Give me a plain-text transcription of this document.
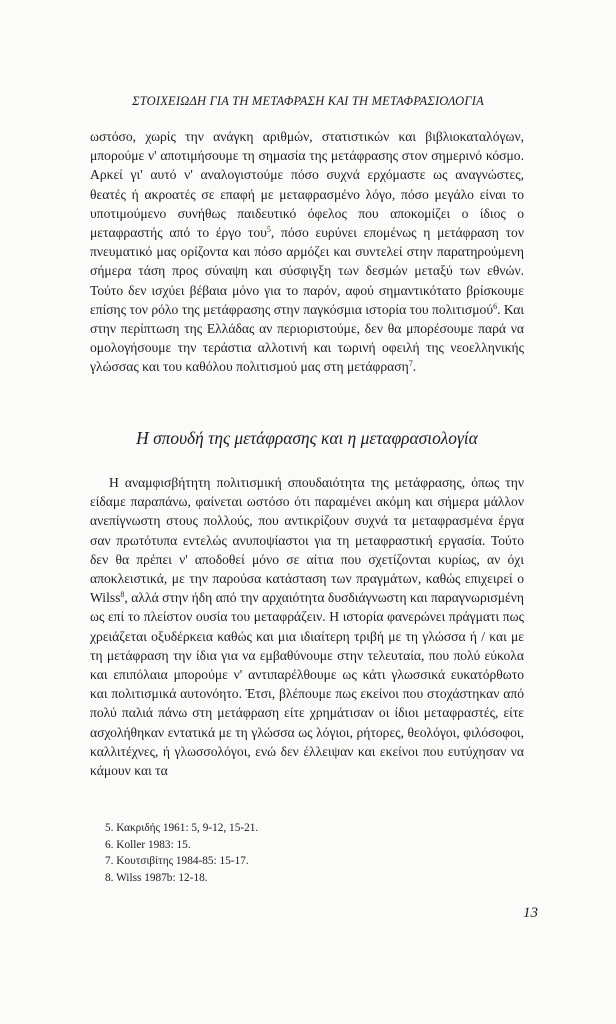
ΣΤΟΙΧΕΙΩΔΗ ΓΙΑ ΤΗ ΜΕΤΑΦΡΑΣΗ ΚΑΙ ΤΗ ΜΕΤΑΦΡΑΣΙΟΛΟΓΙΑ

ωστόσο, χωρίς την ανάγκη αριθμών, στατιστικών και βιβλιοκαταλόγων, μπορούμε ν' αποτιμήσουμε τη σημασία της μετάφρασης στον σημερινό κόσμο. Αρκεί γι' αυτό ν' αναλογιστούμε πόσο συχνά ερχόμαστε ως αναγνώστες, θεατές ή ακροατές σε επαφή με μεταφρασμένο λόγο, πόσο μεγάλο είναι το υποτιμούμενο συνήθως παιδευτικό όφελος που αποκομίζει ο ίδιος ο μεταφραστής από το έργο του$^5$, πόσο ευρύνει επομένως η μετάφραση τον πνευματικό μας ορίζοντα και πόσο αρμόζει και συντελεί στην παρατηρούμενη σήμερα τάση προς σύναψη και σύσφιγξη των δεσμών μεταξύ των εθνών. Τούτο δεν ισχύει βέβαια μόνο για το παρόν, αφού σημαντικότατο βρίσκουμε επίσης τον ρόλο της μετάφρασης στην παγκόσμια ιστορία του πολιτισμού$^6$. Και στην περίπτωση της Ελλάδας αν περιοριστούμε, δεν θα μπορέσουμε παρά να ομολογήσουμε την τεράστια αλλοτινή και τωρινή οφειλή της νεοελληνικής γλώσσας και του καθόλου πολιτισμού μας στη μετάφραση$^7$.

Η σπουδή της μετάφρασης και η μεταφρασιολογία

Η αναμφισβήτητη πολιτισμική σπουδαιότητα της μετάφρασης, όπως την είδαμε παραπάνω, φαίνεται ωστόσο ότι παραμένει ακόμη και σήμερα μάλλον ανεπίγνωστη στους πολλούς, που αντικρίζουν συχνά τα μεταφρασμένα έργα σαν πρωτότυπα εντελώς ανυποψίαστοι για τη μεταφραστική εργασία. Τούτο δεν θα πρέπει ν' αποδοθεί μόνο σε αίτια που σχετίζονται κυρίως, αν όχι αποκλειστικά, με την παρούσα κατάσταση των πραγμάτων, καθώς επιχειρεί ο Wilss$^8$, αλλά στην ήδη από την αρχαιότητα δυσδιάγνωστη και παραγνωρισμένη ως επί το πλείστον ουσία του μεταφράζειν. Η ιστορία φανερώνει πράγματι πως χρειάζεται οξυδέρκεια καθώς και μια ιδιαίτερη τριβή με τη γλώσσα ή / και με τη μετάφραση την ίδια για να εμβαθύνουμε στην τελευταία, που πολύ εύκολα και επιπόλαια μπορούμε ν' αντιπαρέλθουμε ως κάτι γλωσσικά ευκατόρθωτο και πολιτισμικά αυτονόητο. Έτσι, βλέπουμε πως εκείνοι που στοχάστηκαν από πολύ παλιά πάνω στη μετάφραση είτε χρημάτισαν οι ίδιοι μεταφραστές, είτε ασχολήθηκαν εντατικά με τη γλώσσα ως λόγιοι, ρήτορες, θεολόγοι, φιλόσοφοι, καλλιτέχνες, ή γλωσσολόγοι, ενώ δεν έλλειψαν και εκείνοι που ευτύχησαν να κάμουν και τα

5. Κακριδής 1961: 5, 9-12, 15-21.
6. Koller 1983: 15.
7. Κουτσιβίτης 1984-85: 15-17.
8. Wilss 1987b: 12-18.
13
